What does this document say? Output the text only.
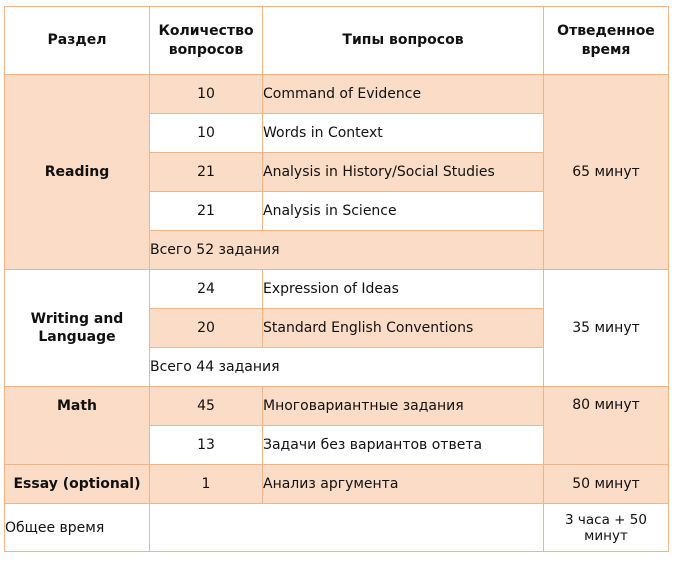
Раздел	Количество вопросов	Типы вопросов	Отведенное время
Reading	10	Command of Evidence	65 минут
	10	Words in Context	
	21	Analysis in History/Social Studies	
	21	Analysis in Science	
	Всего 52 задания		
Writing and Language	24	Expression of Ideas	35 минут
	20	Standard English Conventions	
	Всего 44 задания		
Math	45	Многовариантные задания	80 минут
	13	Задачи без вариантов ответа	
Essay (optional)	1	Анализ аргумента	50 минут
Общее время			3 часа + 50 минут
